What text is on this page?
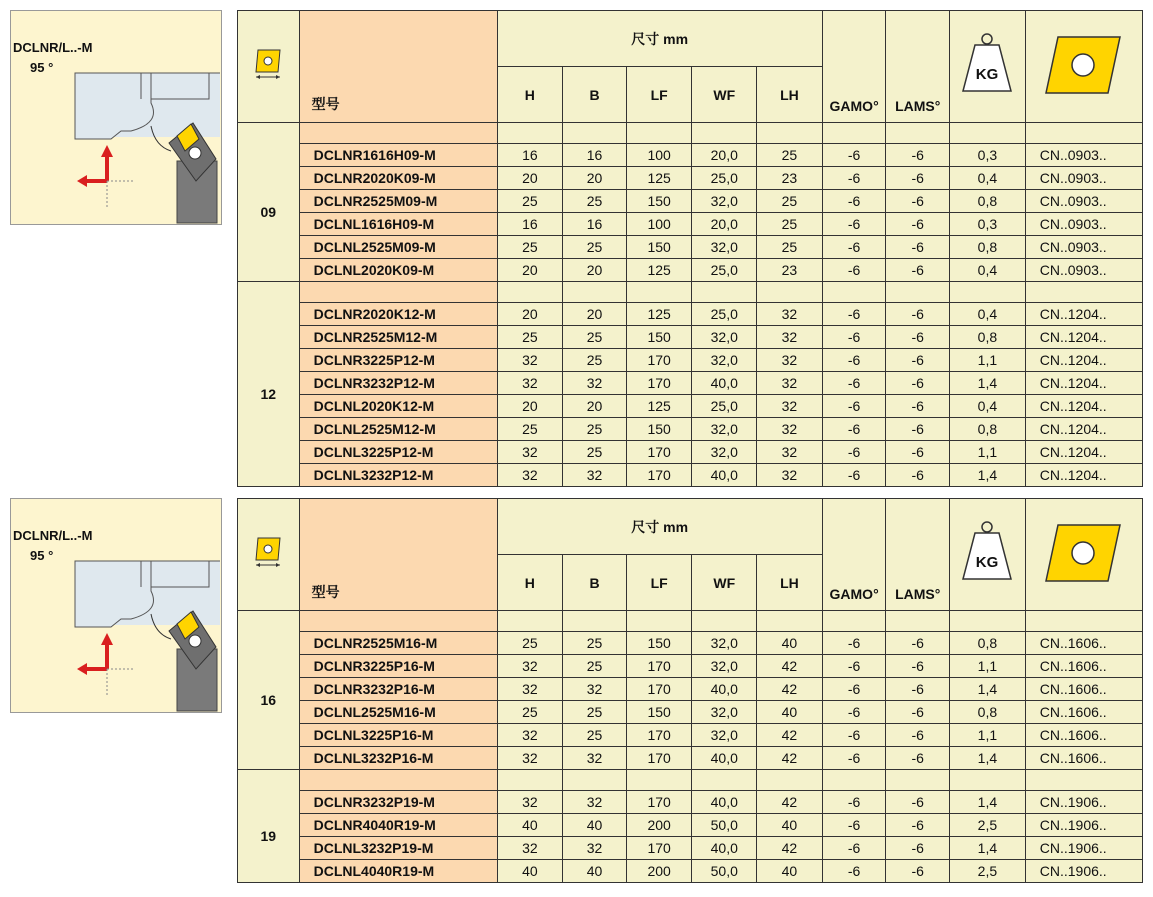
DCLNR/L..-M
95 °
	型号	尺寸 mm					GAMO°	LAMS°	KG

		H	B	LF	WF	LH				

09	DCLNR1616H09-M	16	16	100	20,0	25	-6	-6	0,3	CN..0903..
	DCLNR2020K09-M	20	20	125	25,0	23	-6	-6	0,4	CN..0903..
	DCLNR2525M09-M	25	25	150	32,0	25	-6	-6	0,8	CN..0903..
	DCLNL1616H09-M	16	16	100	20,0	25	-6	-6	0,3	CN..0903..
	DCLNL2525M09-M	25	25	150	32,0	25	-6	-6	0,8	CN..0903..
	DCLNL2020K09-M	20	20	125	25,0	23	-6	-6	0,4	CN..0903..

12	DCLNR2020K12-M	20	20	125	25,0	32	-6	-6	0,4	CN..1204..
	DCLNR2525M12-M	25	25	150	32,0	32	-6	-6	0,8	CN..1204..
	DCLNR3225P12-M	32	25	170	32,0	32	-6	-6	1,1	CN..1204..
	DCLNR3232P12-M	32	32	170	40,0	32	-6	-6	1,4	CN..1204..
	DCLNL2020K12-M	20	20	125	25,0	32	-6	-6	0,4	CN..1204..
	DCLNL2525M12-M	25	25	150	32,0	32	-6	-6	0,8	CN..1204..
	DCLNL3225P12-M	32	25	170	32,0	32	-6	-6	1,1	CN..1204..
	DCLNL3232P12-M	32	32	170	40,0	32	-6	-6	1,4	CN..1204..
DCLNR/L..-M
95 °
	型号	尺寸 mm					GAMO°	LAMS°	KG

		H	B	LF	WF	LH				

16	DCLNR2525M16-M	25	25	150	32,0	40	-6	-6	0,8	CN..1606..
	DCLNR3225P16-M	32	25	170	32,0	42	-6	-6	1,1	CN..1606..
	DCLNR3232P16-M	32	32	170	40,0	42	-6	-6	1,4	CN..1606..
	DCLNL2525M16-M	25	25	150	32,0	40	-6	-6	0,8	CN..1606..
	DCLNL3225P16-M	32	25	170	32,0	42	-6	-6	1,1	CN..1606..
	DCLNL3232P16-M	32	32	170	40,0	42	-6	-6	1,4	CN..1606..

19	DCLNR3232P19-M	32	32	170	40,0	42	-6	-6	1,4	CN..1906..
	DCLNR4040R19-M	40	40	200	50,0	40	-6	-6	2,5	CN..1906..
	DCLNL3232P19-M	32	32	170	40,0	42	-6	-6	1,4	CN..1906..
	DCLNL4040R19-M	40	40	200	50,0	40	-6	-6	2,5	CN..1906..
